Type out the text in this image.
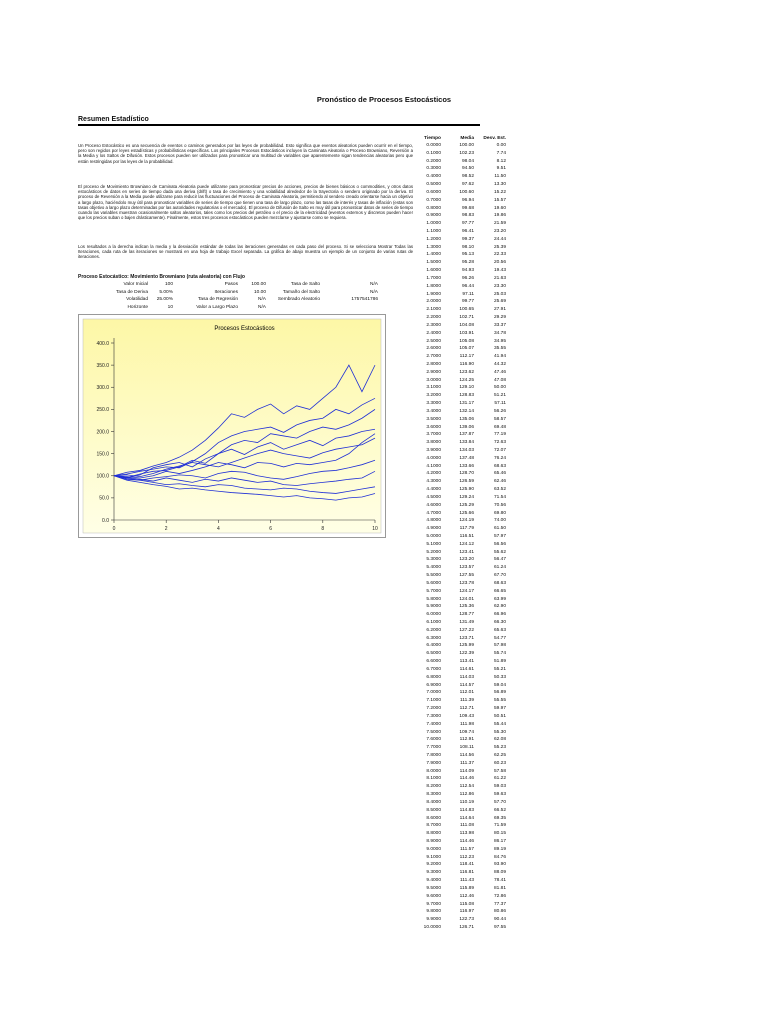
Pronóstico de Procesos Estocásticos
Resumen Estadístico
Un Proceso Estocástico es una secuencia de eventos o caminos generados por las leyes de probabilidad. Esto significa que eventos aleatorios pueden ocurrir en el tiempo, pero son regidos por leyes estadísticas y probabilísticas específicas. Los principales Procesos Estocásticos incluyen la Caminata Aleatoria o Proceso Browniano, Reversión a la Media y los Saltos de Difusión. Estos procesos pueden ser utilizados para pronosticar una multitud de variables que aparentemente sigan tendencias aleatorias pero que están restringidas por las leyes de la probabilidad.
El proceso de Movimiento Browniano de Caminata Aleatoria puede utilizarse para pronosticar precios de acciones, precios de bienes básicos o commodities, y otros datos estocásticos de datos en series de tiempo dada una deriva (drift) o tasa de crecimiento y una volatilidad alrededor de la trayectoria o sendero originado por la deriva. El proceso de Reversión a la Media puede utilizarse para reducir las fluctuaciones del Proceso de Caminata Aleatoria, permitiendo al sendero creado orientarse hacia un objetivo a largo plazo, haciéndolo muy útil para pronosticar variables de series de tiempo que tienen una tasa de largo plazo, como las tasas de interés y tasas de inflación (estas son tasas objetivo a largo plazo determinadas por las autoridades regulatorias o el mercado). El proceso de Difusión de Salto es muy útil para pronosticar datos de series de tiempo cuando las variables muestran ocasionalmente saltos aleatorios, tales como los precios del petróleo o el precio de la electricidad (eventos externos y discretos pueden hacer que los precios suban o bajen drásticamente). Finalmente, estos tres procesos estocásticos pueden mezclarse y ajustarse como se requiera.
Los resultados a la derecha indican la media y la desviación estándar de todas las iteraciones generadas en cada paso del proceso. Si se selecciona Mostrar Todas las Iteraciones, cada ruta de las iteraciones se mostrará en una hoja de trabajo Excel separada. La gráfica de abajo muestra un ejemplo de un conjunto de varias rutas de iteraciones.
Proceso Estocástico: Movimiento Browniano (ruta aleatoria) con Flujo
Valor Inicial	100	Pasos	100.00	Tasa de Salto	N/A
Tasa de Deriva	5.00%	Iteraciones	10.00	Tamaño del Salto	N/A
Volatilidad	25.00%	Tasa de Regresión	N/A	Sembrado Aleatorio	1757541786
Horizonte	10	Valor a Largo Plazo	N/A
Procesos Estocásticos
0.0
50.0
100.0
150.0
200.0
250.0
300.0
350.0
400.0
0	2	4	6	8	10
Tiempo	Media	Desv. Est.
0.0000	100.00	0.00
0.1000	102.23	7.74
0.2000	98.04	8.12
0.3000	94.50	9.51
0.4000	98.52	11.50
0.5000	97.62	13.30
0.6000	100.60	15.22
0.7000	96.94	15.57
0.8000	99.68	19.60
0.9000	98.83	19.86
1.0000	97.77	21.59
1.1000	96.41	23.20
1.2000	99.37	24.44
1.3000	98.10	25.39
1.4000	95.13	22.33
1.5000	95.28	20.56
1.6000	94.93	19.43
1.7000	96.26	21.63
1.8000	96.44	23.30
1.9000	97.11	25.03
2.0000	99.77	25.69
2.1000	100.65	27.91
2.2000	102.71	29.29
2.3000	104.08	33.37
2.4000	103.91	34.78
2.5000	105.08	34.95
2.6000	105.07	35.55
2.7000	112.17	41.94
2.8000	116.90	44.32
2.9000	123.62	47.46
3.0000	124.25	47.08
3.1000	129.10	50.00
3.2000	128.83	51.21
3.3000	131.17	57.11
3.4000	132.14	56.26
3.5000	135.06	58.57
3.6000	139.06	69.48
3.7000	137.87	77.19
3.8000	133.84	72.63
3.9000	134.03	72.07
4.0000	137.48	76.24
4.1000	133.66	68.63
4.2000	128.70	65.46
4.3000	126.59	62.46
4.4000	125.90	63.52
4.5000	129.24	71.54
4.6000	125.29	70.56
4.7000	125.66	69.80
4.8000	124.19	74.00
4.9000	117.79	61.50
5.0000	116.51	57.97
5.1000	124.12	56.56
5.2000	123.41	55.62
5.3000	123.20	56.47
5.4000	123.57	61.24
5.5000	127.55	67.70
5.6000	123.78	68.63
5.7000	124.17	66.65
5.8000	124.01	63.99
5.9000	125.36	62.90
6.0000	128.77	66.96
6.1000	131.49	66.30
6.2000	127.22	65.63
6.3000	123.71	54.77
6.4000	125.99	57.98
6.5000	122.39	55.74
6.6000	113.41	51.89
6.7000	114.61	55.21
6.8000	114.03	50.33
6.9000	114.57	59.04
7.0000	112.01	56.89
7.1000	111.39	55.55
7.2000	112.71	59.97
7.3000	109.43	50.51
7.4000	111.98	55.44
7.5000	109.74	55.30
7.6000	112.91	62.08
7.7000	108.11	55.23
7.8000	114.56	62.25
7.9000	111.37	60.23
8.0000	114.09	57.58
8.1000	114.46	61.22
8.2000	112.54	59.03
8.3000	112.86	59.63
8.4000	110.19	57.70
8.5000	114.83	66.52
8.6000	114.64	69.35
8.7000	111.08	71.59
8.8000	113.98	80.15
8.9000	114.46	86.17
9.0000	111.57	89.19
9.1000	112.23	84.76
9.2000	118.41	93.90
9.3000	116.81	88.09
9.4000	111.43	78.41
9.5000	115.89	81.81
9.6000	112.46	72.86
9.7000	115.08	77.37
9.8000	116.97	80.86
9.9000	122.73	90.44
10.0000	126.71	97.55
